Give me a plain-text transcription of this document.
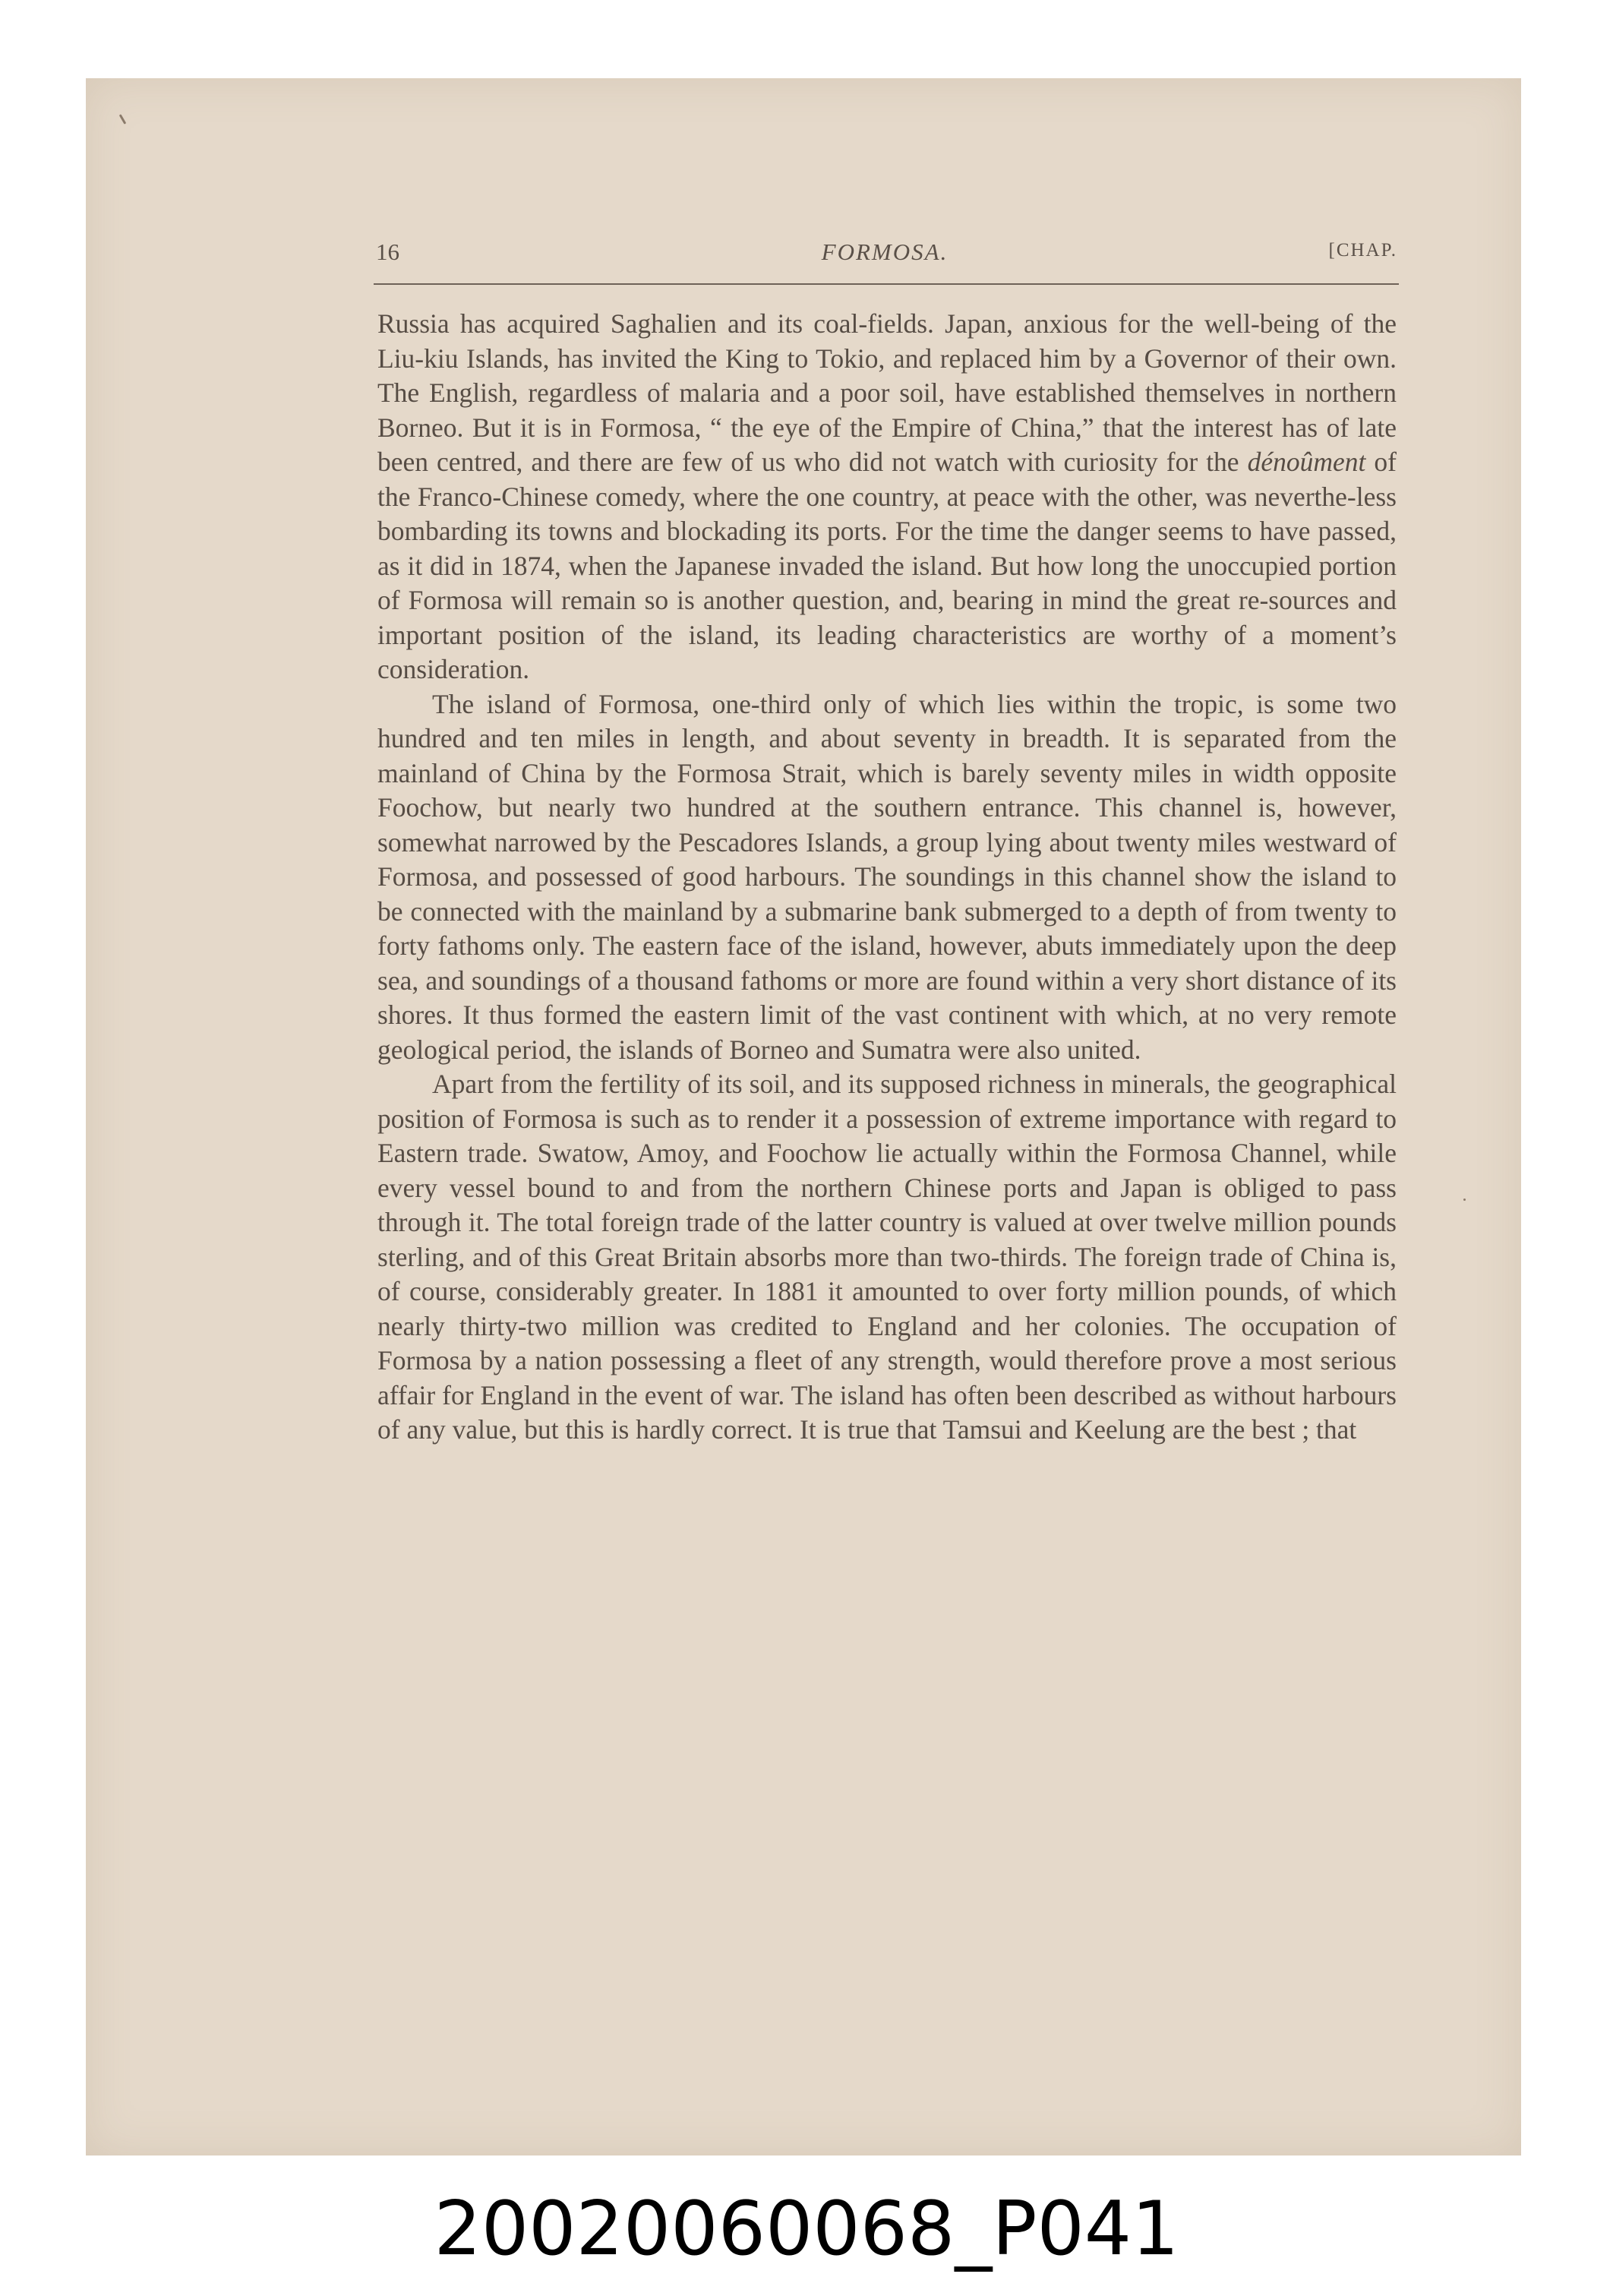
16	FORMOSA.	[CHAP.

Russia has acquired Saghalien and its coal-fields. Japan, anxious for the well-being of the Liu-kiu Islands, has invited the King to Tokio, and replaced him by a Governor of their own. The English, regardless of malaria and a poor soil, have established themselves in northern Borneo. But it is in Formosa, “ the eye of the Empire of China,” that the interest has of late been centred, and there are few of us who did not watch with curiosity for the dénoûment of the Franco-Chinese comedy, where the one country, at peace with the other, was neverthe-less bombarding its towns and blockading its ports. For the time the danger seems to have passed, as it did in 1874, when the Japanese invaded the island. But how long the unoccupied portion of Formosa will remain so is another question, and, bearing in mind the great re-sources and important position of the island, its leading characteristics are worthy of a moment’s consideration.

The island of Formosa, one-third only of which lies within the tropic, is some two hundred and ten miles in length, and about seventy in breadth. It is separated from the mainland of China by the Formosa Strait, which is barely seventy miles in width opposite Foochow, but nearly two hundred at the southern entrance. This channel is, however, somewhat narrowed by the Pescadores Islands, a group lying about twenty miles westward of Formosa, and possessed of good harbours. The soundings in this channel show the island to be connected with the mainland by a submarine bank submerged to a depth of from twenty to forty fathoms only. The eastern face of the island, however, abuts immediately upon the deep sea, and soundings of a thousand fathoms or more are found within a very short distance of its shores. It thus formed the eastern limit of the vast continent with which, at no very remote geological period, the islands of Borneo and Sumatra were also united.

Apart from the fertility of its soil, and its supposed richness in minerals, the geographical position of Formosa is such as to render it a possession of extreme importance with regard to Eastern trade. Swatow, Amoy, and Foochow lie actually within the Formosa Channel, while every vessel bound to and from the northern Chinese ports and Japan is obliged to pass through it. The total foreign trade of the latter country is valued at over twelve million pounds sterling, and of this Great Britain absorbs more than two-thirds. The foreign trade of China is, of course, considerably greater. In 1881 it amounted to over forty million pounds, of which nearly thirty-two million was credited to England and her colonies. The occupation of Formosa by a nation possessing a fleet of any strength, would therefore prove a most serious affair for England in the event of war. The island has often been described as without harbours of any value, but this is hardly correct. It is true that Tamsui and Keelung are the best ; that

20020060068_P041
